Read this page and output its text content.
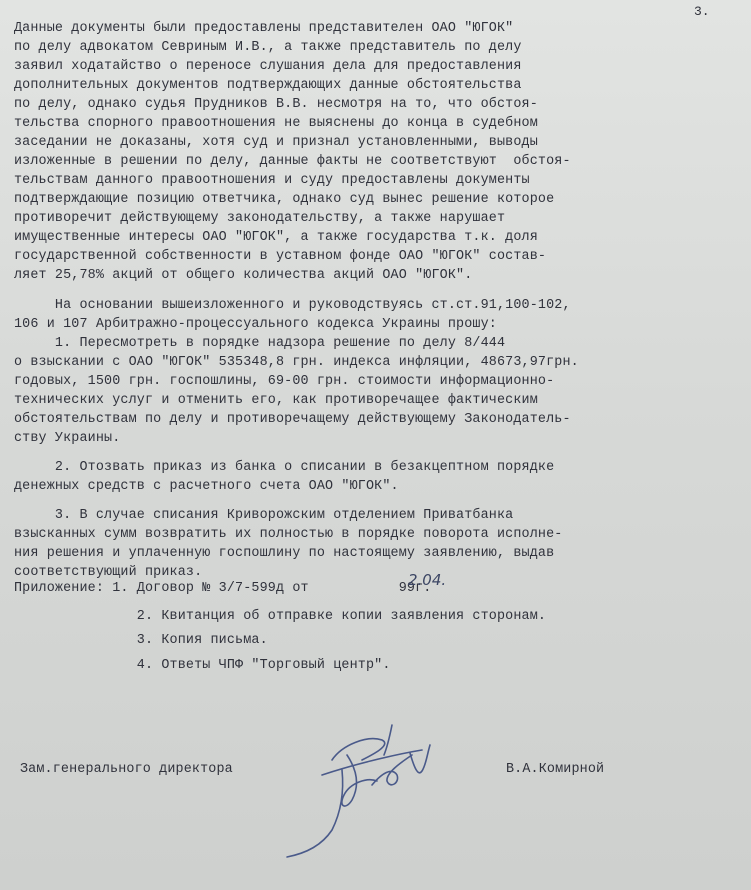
3.
Данные документы были предоставлены представителен ОАО "ЮГОК"
по делу адвокатом Севриным И.В., а также представитель по делу
заявил ходатайство о переносе слушания дела для предоставления
дополнительных документов подтверждающих данные обстоятельства
по делу, однако судья Прудников В.В. несмотря на то, что обстоя-
тельства спорного правоотношения не выяснены до конца в судебном
заседании не доказаны, хотя суд и признал установленными, выводы
изложенные в решении по делу, данные факты не соответствуют  обстоя-
тельствам данного правоотношения и суду предоставлены документы
подтверждающие позицию ответчика, однако суд вынес решение которое
противоречит действующему законодательству, а также нарушает
имущественные интересы ОАО "ЮГОК", а также государства т.к. доля
государственной собственности в уставном фонде ОАО "ЮГОК" состав-
ляет 25,78% акций от общего количества акций ОАО "ЮГОК".
На основании вышеизложенного и руководствуясь ст.ст.91,100-102,
106 и 107 Арбитражно-процессуального кодекса Украины прошу:
1. Пересмотреть в порядке надзора решение по делу 8/444
о взыскании с ОАО "ЮГОК" 535348,8 грн. индекса инфляции, 48673,97грн.
годовых, 1500 грн. госпошлины, 69-00 грн. стоимости информационно-
технических услуг и отменить его, как противоречащее фактическим
обстоятельствам по делу и противоречащему действующему Законодатель-
ству Украины.
2. Отозвать приказ из банка о списании в безакцептном порядке
денежных средств с расчетного счета ОАО "ЮГОК".
3. В случае списания Криворожским отделением Приватбанка
взысканных сумм возвратить их полностью в порядке поворота исполне-
ния решения и уплаченную госпошлину по настоящему заявлению, выдав
соответствующий приказ.
Приложение: 1. Договор № 3/7-599д от           99г.
2. Квитанция об отправке копии заявления сторонам.
3. Копия письма.
4. Ответы ЧПФ "Торговый центр".
2.04.
Зам.генерального директора	В.А.Комирной
